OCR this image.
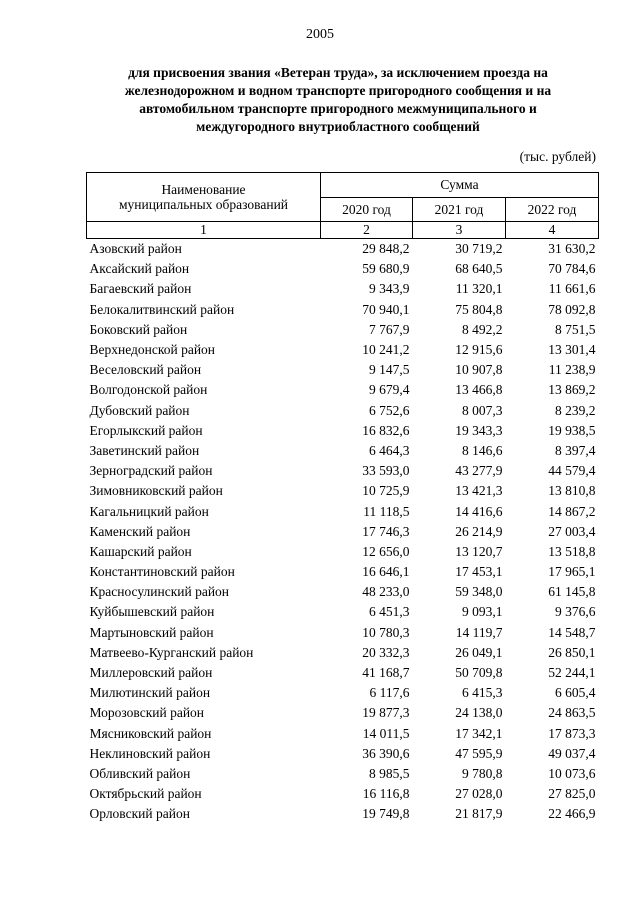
2005
для присвоения звания «Ветеран труда», за исключением проезда на
железнодорожном и водном транспорте пригородного сообщения и на
автомобильном транспорте пригородного межмуниципального и
междугородного внутриобластного сообщений
(тыс. рублей)
Наименование
муниципальных образований	Сумма		
	2020 год	2021 год	2022 год
1	2	3	4
Азовский район	29 848,2	30 719,2	31 630,2
Аксайский район	59 680,9	68 640,5	70 784,6
Багаевский район	9 343,9	11 320,1	11 661,6
Белокалитвинский район	70 940,1	75 804,8	78 092,8
Боковский район	7 767,9	8 492,2	8 751,5
Верхнедонской район	10 241,2	12 915,6	13 301,4
Веселовский район	9 147,5	10 907,8	11 238,9
Волгодонской район	9 679,4	13 466,8	13 869,2
Дубовский район	6 752,6	8 007,3	8 239,2
Егорлыкский район	16 832,6	19 343,3	19 938,5
Заветинский район	6 464,3	8 146,6	8 397,4
Зерноградский район	33 593,0	43 277,9	44 579,4
Зимовниковский район	10 725,9	13 421,3	13 810,8
Кагальницкий район	11 118,5	14 416,6	14 867,2
Каменский район	17 746,3	26 214,9	27 003,4
Кашарский район	12 656,0	13 120,7	13 518,8
Константиновский район	16 646,1	17 453,1	17 965,1
Красносулинский район	48 233,0	59 348,0	61 145,8
Куйбышевский район	6 451,3	9 093,1	9 376,6
Мартыновский район	10 780,3	14 119,7	14 548,7
Матвеево-Курганский район	20 332,3	26 049,1	26 850,1
Миллеровский район	41 168,7	50 709,8	52 244,1
Милютинский район	6 117,6	6 415,3	6 605,4
Морозовский район	19 877,3	24 138,0	24 863,5
Мясниковский район	14 011,5	17 342,1	17 873,3
Неклиновский район	36 390,6	47 595,9	49 037,4
Обливский район	8 985,5	9 780,8	10 073,6
Октябрьский район	16 116,8	27 028,0	27 825,0
Орловский район	19 749,8	21 817,9	22 466,9
